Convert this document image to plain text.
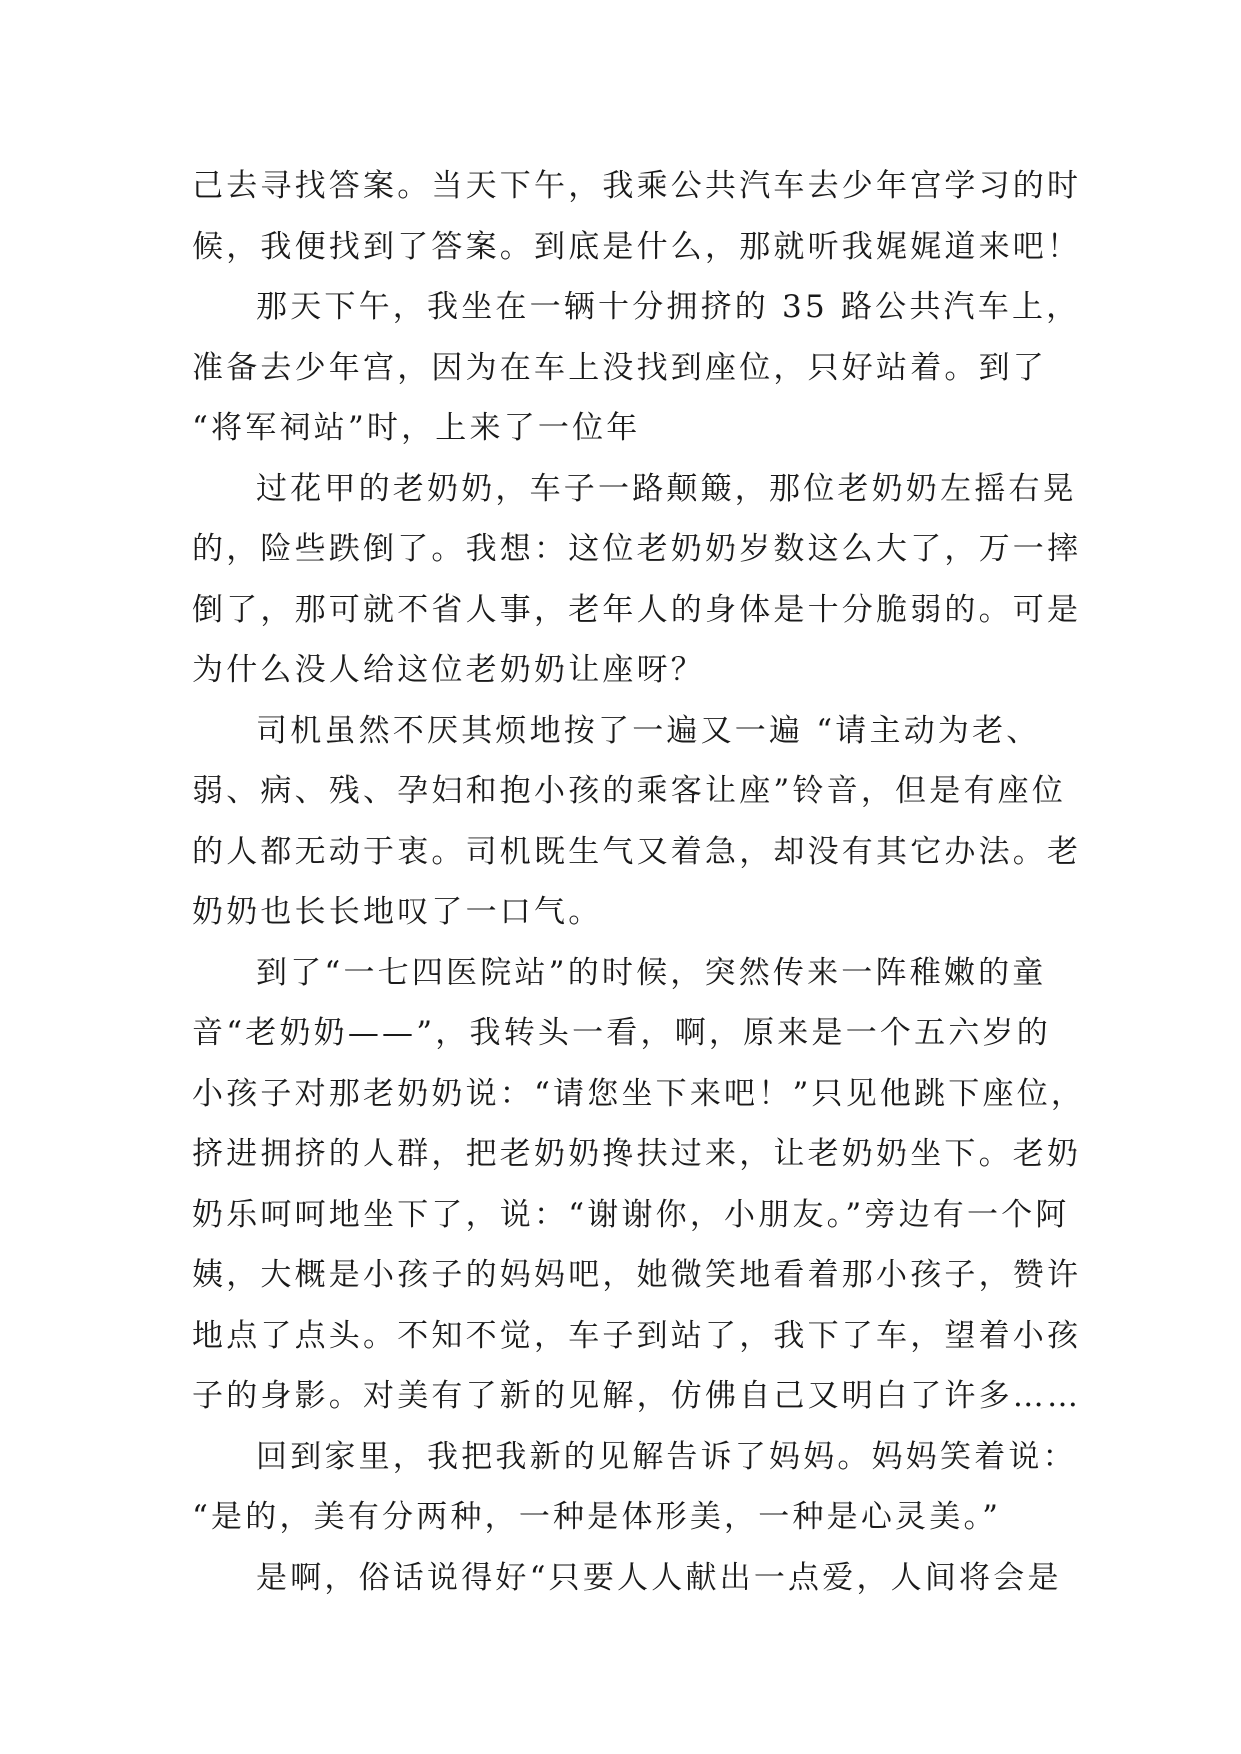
己去寻找答案。当天下午，我乘公共汽车去少年宫学习的时
候，我便找到了答案。到底是什么，那就听我娓娓道来吧！
那天下午，我坐在一辆十分拥挤的 35 路公共汽车上，
准备去少年宫，因为在车上没找到座位，只好站着。到了
“将军祠站”时，上来了一位年
过花甲的老奶奶，车子一路颠簸，那位老奶奶左摇右晃
的，险些跌倒了。我想：这位老奶奶岁数这么大了，万一摔
倒了，那可就不省人事，老年人的身体是十分脆弱的。可是
为什么没人给这位老奶奶让座呀？
司机虽然不厌其烦地按了一遍又一遍 “请主动为老、
弱、病、残、孕妇和抱小孩的乘客让座”铃音，但是有座位
的人都无动于衷。司机既生气又着急，却没有其它办法。老
奶奶也长长地叹了一口气。
到了“一七四医院站”的时候，突然传来一阵稚嫩的童
音“老奶奶——”，我转头一看，啊，原来是一个五六岁的
小孩子对那老奶奶说：“请您坐下来吧！”只见他跳下座位，
挤进拥挤的人群，把老奶奶搀扶过来，让老奶奶坐下。老奶
奶乐呵呵地坐下了，说：“谢谢你，小朋友。”旁边有一个阿
姨，大概是小孩子的妈妈吧，她微笑地看着那小孩子，赞许
地点了点头。不知不觉，车子到站了，我下了车，望着小孩
子的身影。对美有了新的见解，仿佛自己又明白了许多……
回到家里，我把我新的见解告诉了妈妈。妈妈笑着说：
“是的，美有分两种，一种是体形美，一种是心灵美。”
是啊，俗话说得好“只要人人献出一点爱，人间将会是
